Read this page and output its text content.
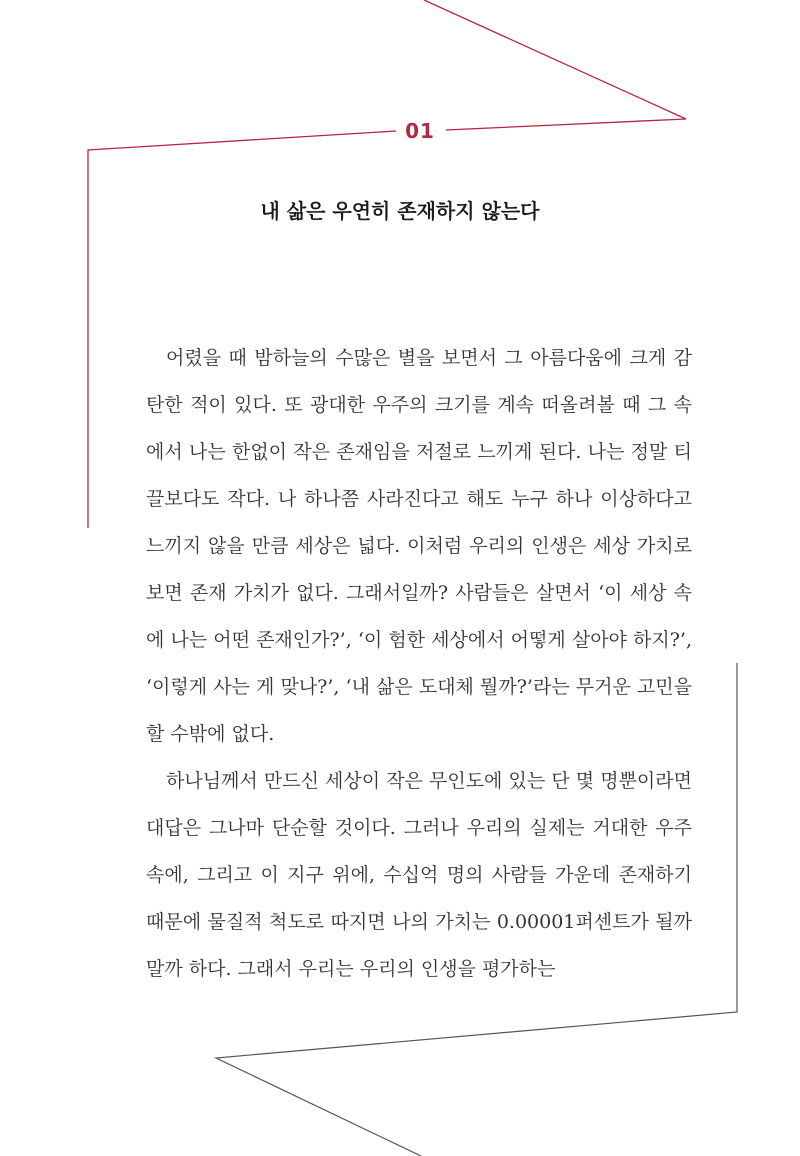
01
내 삶은 우연히 존재하지 않는다

어렸을 때 밤하늘의 수많은 별을 보면서 그 아름다움에 크게 감탄한 적이 있다. 또 광대한 우주의 크기를 계속 떠올려볼 때 그 속에서 나는 한없이 작은 존재임을 저절로 느끼게 된다. 나는 정말 티끌보다도 작다. 나 하나쯤 사라진다고 해도 누구 하나 이상하다고 느끼지 않을 만큼 세상은 넓다. 이처럼 우리의 인생은 세상 가치로 보면 존재 가치가 없다. 그래서일까? 사람들은 살면서 ‘이 세상 속에 나는 어떤 존재인가?’, ‘이 험한 세상에서 어떻게 살아야 하지?’, ‘이렇게 사는 게 맞나?’, ‘내 삶은 도대체 뭘까?’라는 무거운 고민을 할 수밖에 없다.

하나님께서 만드신 세상이 작은 무인도에 있는 단 몇 명뿐이라면 대답은 그나마 단순할 것이다. 그러나 우리의 실제는 거대한 우주 속에, 그리고 이 지구 위에, 수십억 명의 사람들 가운데 존재하기 때문에 물질적 척도로 따지면 나의 가치는 0.00001퍼센트가 될까 말까 하다. 그래서 우리는 우리의 인생을 평가하는
